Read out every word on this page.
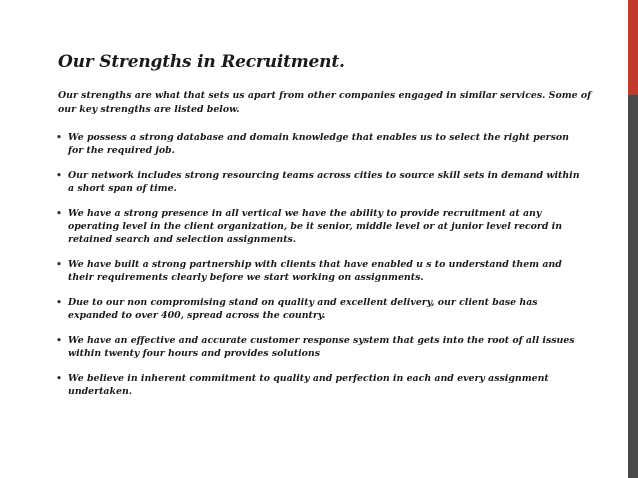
Our Strengths in Recruitment.

Our strengths are what that sets us apart from other companies engaged in similar services. Some of our key strengths are listed below.

• We possess a strong database and domain knowledge that enables us to select the right person for the required job.
• Our network includes strong resourcing teams across cities to source skill sets in demand within a short span of time.
• We have a strong presence in all vertical we have the ability to provide recruitment at any operating level in the client organization, be it senior, middle level or at junior level record in retained search and selection assignments.
• We have built a strong partnership with clients that have enabled u s to understand them and their requirements clearly before we start working on assignments.
• Due to our non compromising stand on quality and excellent delivery, our client base has expanded to over 400, spread across the country.
• We have an effective and accurate customer response system that gets into the root of all issues within twenty four hours and provides solutions
• We believe in inherent commitment to quality and perfection in each and every assignment undertaken.
